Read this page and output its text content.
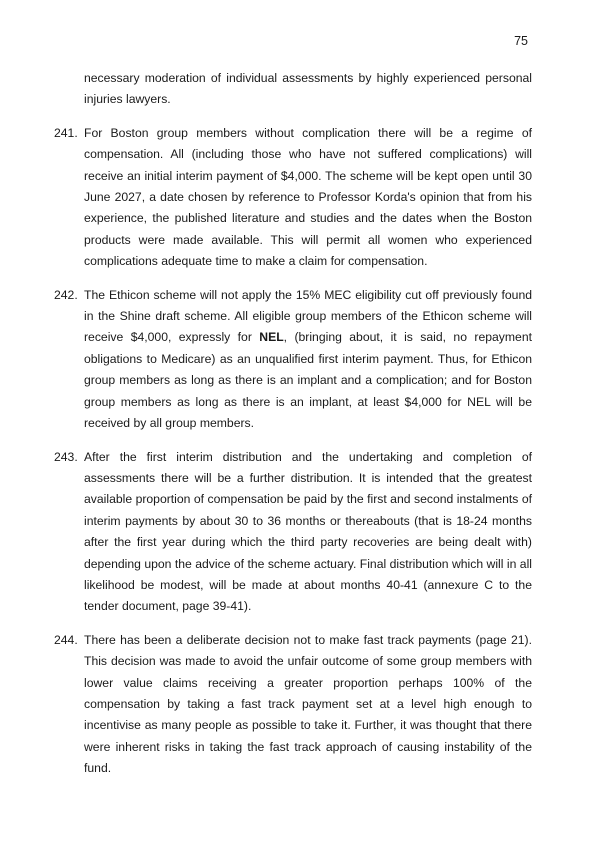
75

necessary moderation of individual assessments by highly experienced personal injuries lawyers.

241. For Boston group members without complication there will be a regime of compensation. All (including those who have not suffered complications) will receive an initial interim payment of $4,000. The scheme will be kept open until 30 June 2027, a date chosen by reference to Professor Korda's opinion that from his experience, the published literature and studies and the dates when the Boston products were made available. This will permit all women who experienced complications adequate time to make a claim for compensation.

242. The Ethicon scheme will not apply the 15% MEC eligibility cut off previously found in the Shine draft scheme. All eligible group members of the Ethicon scheme will receive $4,000, expressly for NEL, (bringing about, it is said, no repayment obligations to Medicare) as an unqualified first interim payment. Thus, for Ethicon group members as long as there is an implant and a complication; and for Boston group members as long as there is an implant, at least $4,000 for NEL will be received by all group members.

243. After the first interim distribution and the undertaking and completion of assessments there will be a further distribution. It is intended that the greatest available proportion of compensation be paid by the first and second instalments of interim payments by about 30 to 36 months or thereabouts (that is 18-24 months after the first year during which the third party recoveries are being dealt with) depending upon the advice of the scheme actuary. Final distribution which will in all likelihood be modest, will be made at about months 40-41 (annexure C to the tender document, page 39-41).

244. There has been a deliberate decision not to make fast track payments (page 21). This decision was made to avoid the unfair outcome of some group members with lower value claims receiving a greater proportion perhaps 100% of the compensation by taking a fast track payment set at a level high enough to incentivise as many people as possible to take it. Further, it was thought that there were inherent risks in taking the fast track approach of causing instability of the fund.
